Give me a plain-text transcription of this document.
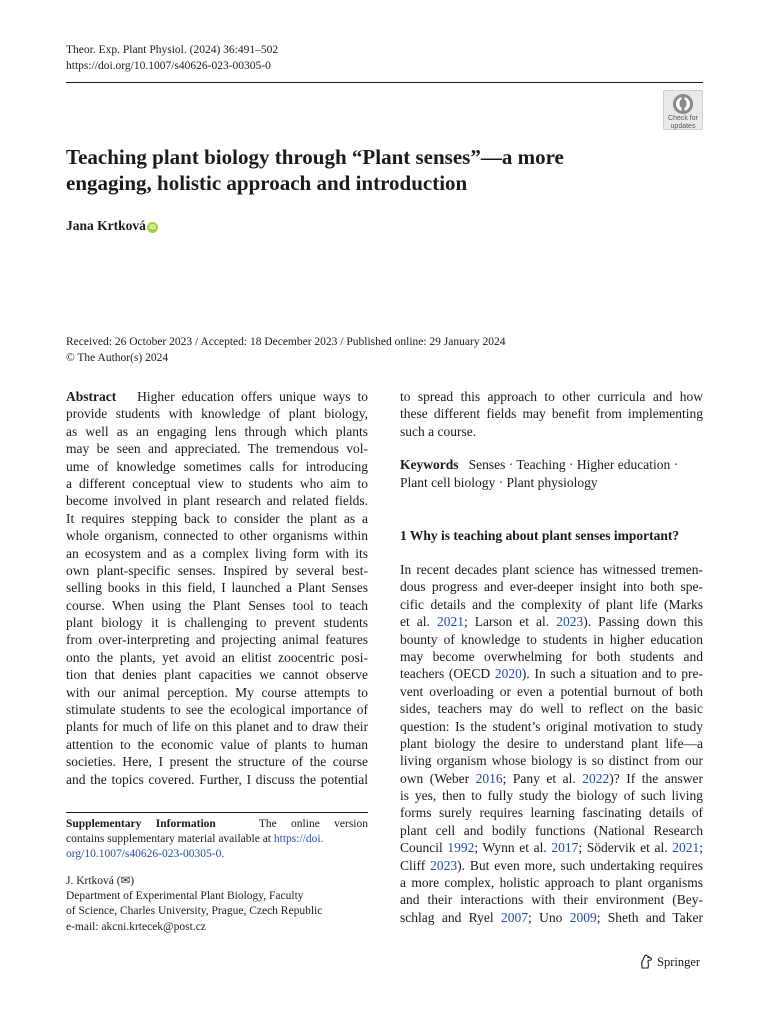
Theor. Exp. Plant Physiol. (2024) 36:491–502
https://doi.org/10.1007/s40626-023-00305-0
Check for
updates
Teaching plant biology through “Plant senses”—a more
engaging, holistic approach and introduction
Jana Krtková iD
Received: 26 October 2023 / Accepted: 18 December 2023 / Published online: 29 January 2024
© The Author(s) 2024
Abstract Higher education offers unique ways to
provide students with knowledge of plant biology,
as well as an engaging lens through which plants
may be seen and appreciated. The tremendous vol-
ume of knowledge sometimes calls for introducing
a different conceptual view to students who aim to
become involved in plant research and related fields.
It requires stepping back to consider the plant as a
whole organism, connected to other organisms within
an ecosystem and as a complex living form with its
own plant-specific senses. Inspired by several best-
selling books in this field, I launched a Plant Senses
course. When using the Plant Senses tool to teach
plant biology it is challenging to prevent students
from over-interpreting and projecting animal features
onto the plants, yet avoid an elitist zoocentric posi-
tion that denies plant capacities we cannot observe
with our animal perception. My course attempts to
stimulate students to see the ecological importance of
plants for much of life on this planet and to draw their
attention to the economic value of plants to human
societies. Here, I present the structure of the course
and the topics covered. Further, I discuss the potential
to spread this approach to other curricula and how
these different fields may benefit from implementing
such a course.
Keywords Senses · Teaching · Higher education ·
Plant cell biology · Plant physiology
1 Why is teaching about plant senses important?
In recent decades plant science has witnessed tremen-
dous progress and ever-deeper insight into both spe-
cific details and the complexity of plant life (Marks
et al. 2021; Larson et al. 2023). Passing down this
bounty of knowledge to students in higher education
may become overwhelming for both students and
teachers (OECD 2020). In such a situation and to pre-
vent overloading or even a potential burnout of both
sides, teachers may do well to reflect on the basic
question: Is the student’s original motivation to study
plant biology the desire to understand plant life—a
living organism whose biology is so distinct from our
own (Weber 2016; Pany et al. 2022)? If the answer
is yes, then to fully study the biology of such living
forms surely requires learning fascinating details of
plant cell and bodily functions (National Research
Council 1992; Wynn et al. 2017; Södervik et al. 2021;
Cliff 2023). But even more, such undertaking requires
a more complex, holistic approach to plant organisms
and their interactions with their environment (Bey-
schlag and Ryel 2007; Uno 2009; Sheth and Taker
Supplementary Information	The online version
contains supplementary material available at https://doi.
org/10.1007/s40626-023-00305-0.
J. Krtková (✉)
Department of Experimental Plant Biology, Faculty
of Science, Charles University, Prague, Czech Republic
e-mail: akcni.krtecek@post.cz
Springer
